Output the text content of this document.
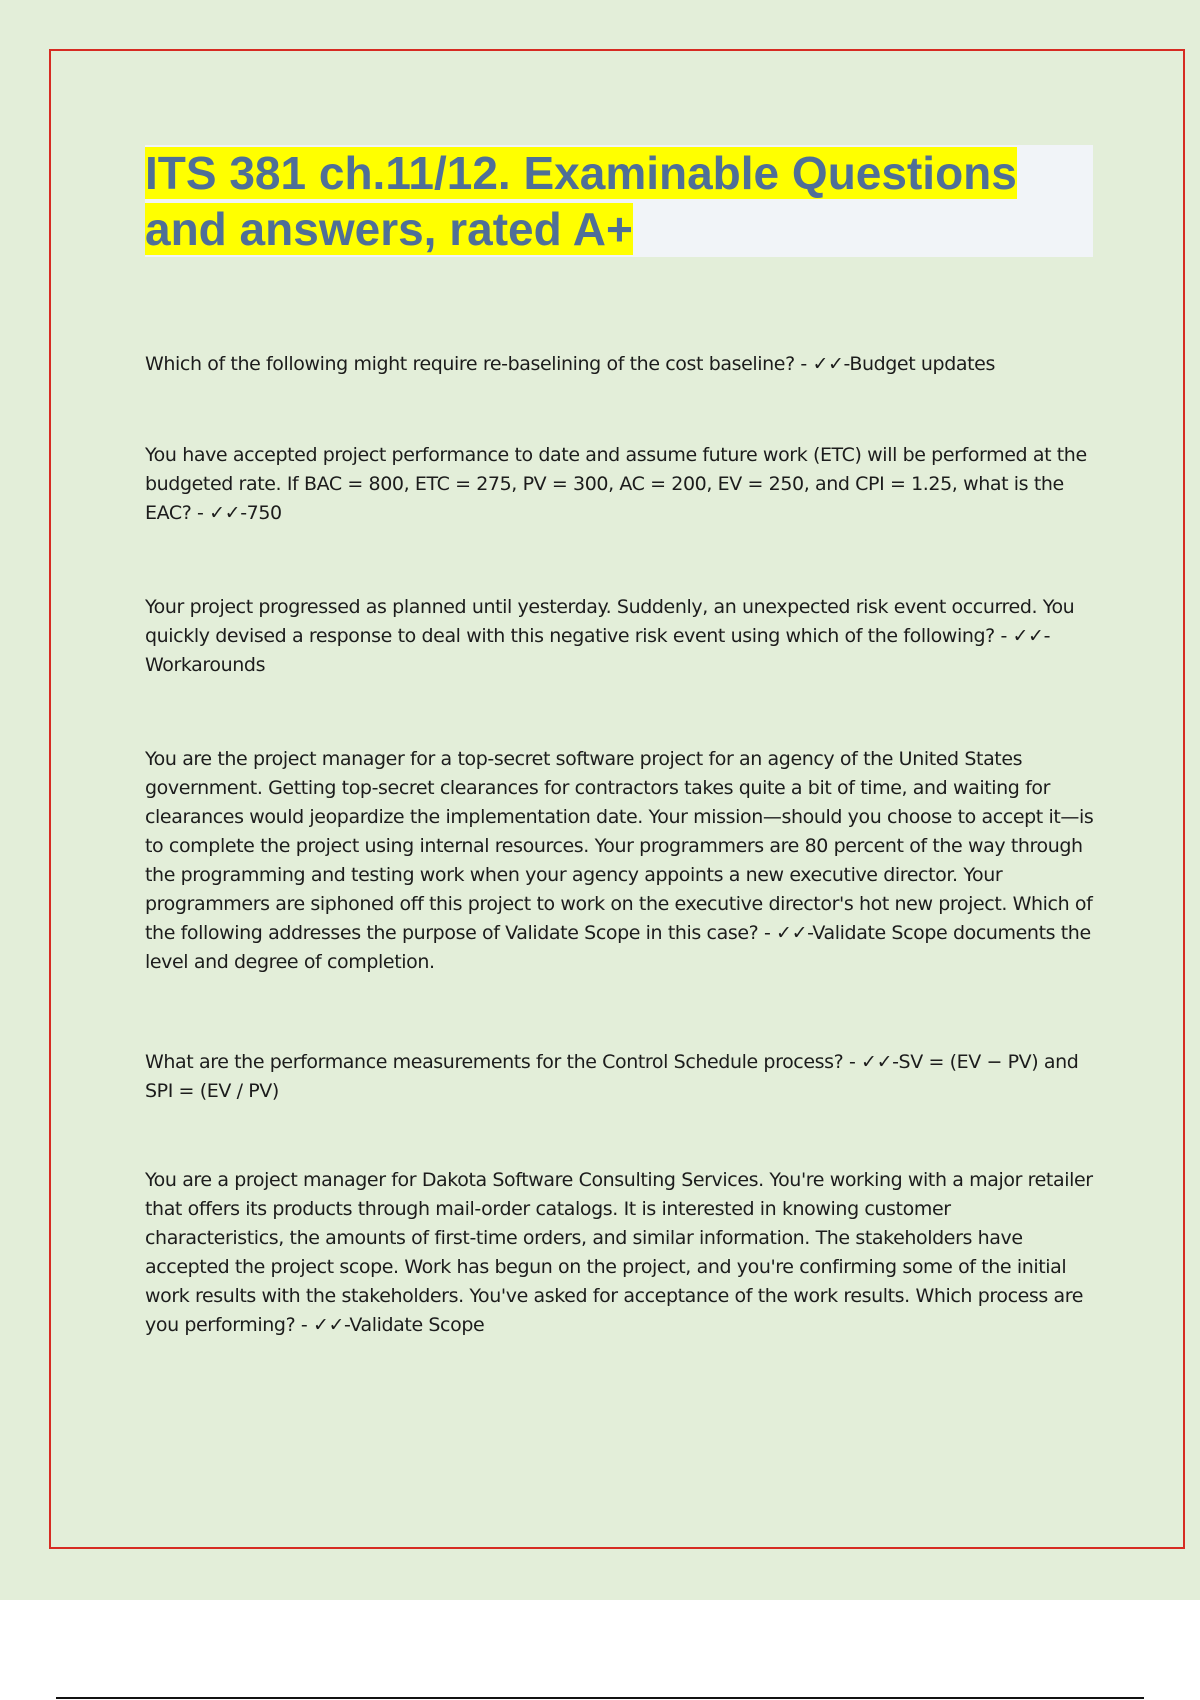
ITS 381 ch.11/12. Examinable Questions and answers, rated A+

Which of the following might require re-baselining of the cost baseline? - ✓✓-Budget updates

You have accepted project performance to date and assume future work (ETC) will be performed at the budgeted rate. If BAC = 800, ETC = 275, PV = 300, AC = 200, EV = 250, and CPI = 1.25, what is the EAC? - ✓✓-750

Your project progressed as planned until yesterday. Suddenly, an unexpected risk event occurred. You quickly devised a response to deal with this negative risk event using which of the following? - ✓✓-Workarounds

You are the project manager for a top-secret software project for an agency of the United States government. Getting top-secret clearances for contractors takes quite a bit of time, and waiting for clearances would jeopardize the implementation date. Your mission—should you choose to accept it—is to complete the project using internal resources. Your programmers are 80 percent of the way through the programming and testing work when your agency appoints a new executive director. Your programmers are siphoned off this project to work on the executive director's hot new project. Which of the following addresses the purpose of Validate Scope in this case? - ✓✓-Validate Scope documents the level and degree of completion.

What are the performance measurements for the Control Schedule process? - ✓✓-SV = (EV − PV) and SPI = (EV / PV)

You are a project manager for Dakota Software Consulting Services. You're working with a major retailer that offers its products through mail-order catalogs. It is interested in knowing customer characteristics, the amounts of first-time orders, and similar information. The stakeholders have accepted the project scope. Work has begun on the project, and you're confirming some of the initial work results with the stakeholders. You've asked for acceptance of the work results. Which process are you performing? - ✓✓-Validate Scope
